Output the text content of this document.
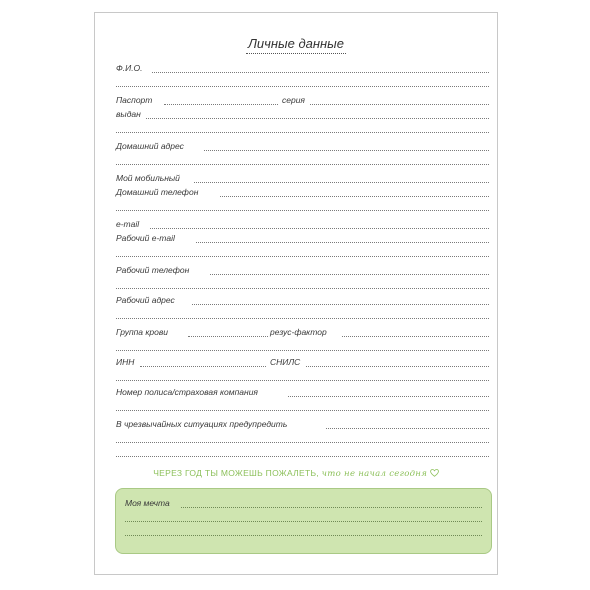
Личные данные
Ф.И.О.
Паспорт	серия
выдан
Домашний адрес
Мой мобильный
Домашний телефон
e-mail
Рабочий e-mail
Рабочий телефон
Рабочий адрес
Группа крови	резус-фактор
ИНН	СНИЛС
Номер полиса/страховая компания
В чрезвычайных ситуациях предупредить
ЧЕРЕЗ ГОД ТЫ МОЖЕШЬ ПОЖАЛЕТЬ, что не начал сегодня
Моя мечта
